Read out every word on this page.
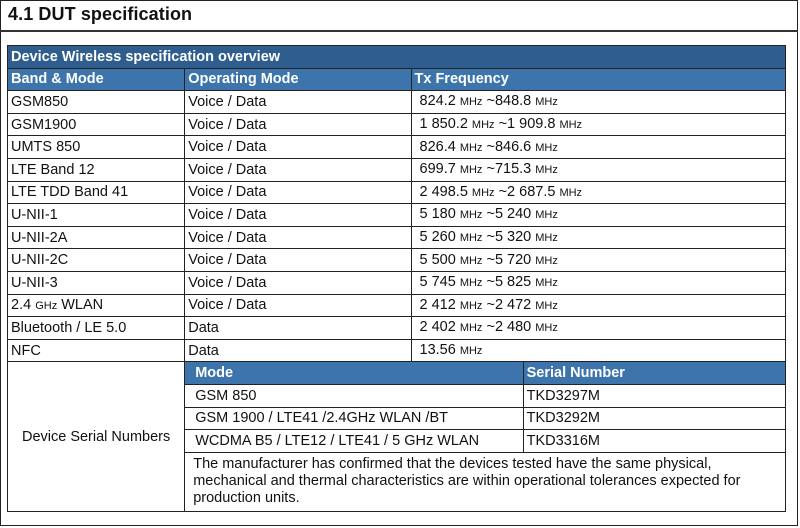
4.1 DUT specification
Device Wireless specification overview			
Band & Mode	Operating Mode	Tx Frequency	
GSM850	Voice / Data	824.2 MHz ~848.8 MHz	
GSM1900	Voice / Data	1 850.2 MHz ~1 909.8 MHz	
UMTS 850	Voice / Data	826.4 MHz ~846.6 MHz	
LTE Band 12	Voice / Data	699.7 MHz ~715.3 MHz	
LTE TDD Band 41	Voice / Data	2 498.5 MHz ~2 687.5 MHz	
U-NII-1	Voice / Data	5 180 MHz ~5 240 MHz	
U-NII-2A	Voice / Data	5 260 MHz ~5 320 MHz	
U-NII-2C	Voice / Data	5 500 MHz ~5 720 MHz	
U-NII-3	Voice / Data	5 745 MHz ~5 825 MHz	
2.4 GHz WLAN	Voice / Data	2 412 MHz ~2 472 MHz	
Bluetooth / LE 5.0	Data	2 402 MHz ~2 480 MHz	
NFC	Data	13.56 MHz	
Device Serial Numbers	Mode		Serial Number
	GSM 850		TKD3297M
	GSM 1900 / LTE41 /2.4GHz WLAN /BT		TKD3292M
	WCDMA B5 / LTE12 / LTE41 / 5 GHz WLAN		TKD3316M
	The manufacturer has confirmed that the devices tested have the same physical, mechanical and thermal characteristics are within operational tolerances expected for production units.		
